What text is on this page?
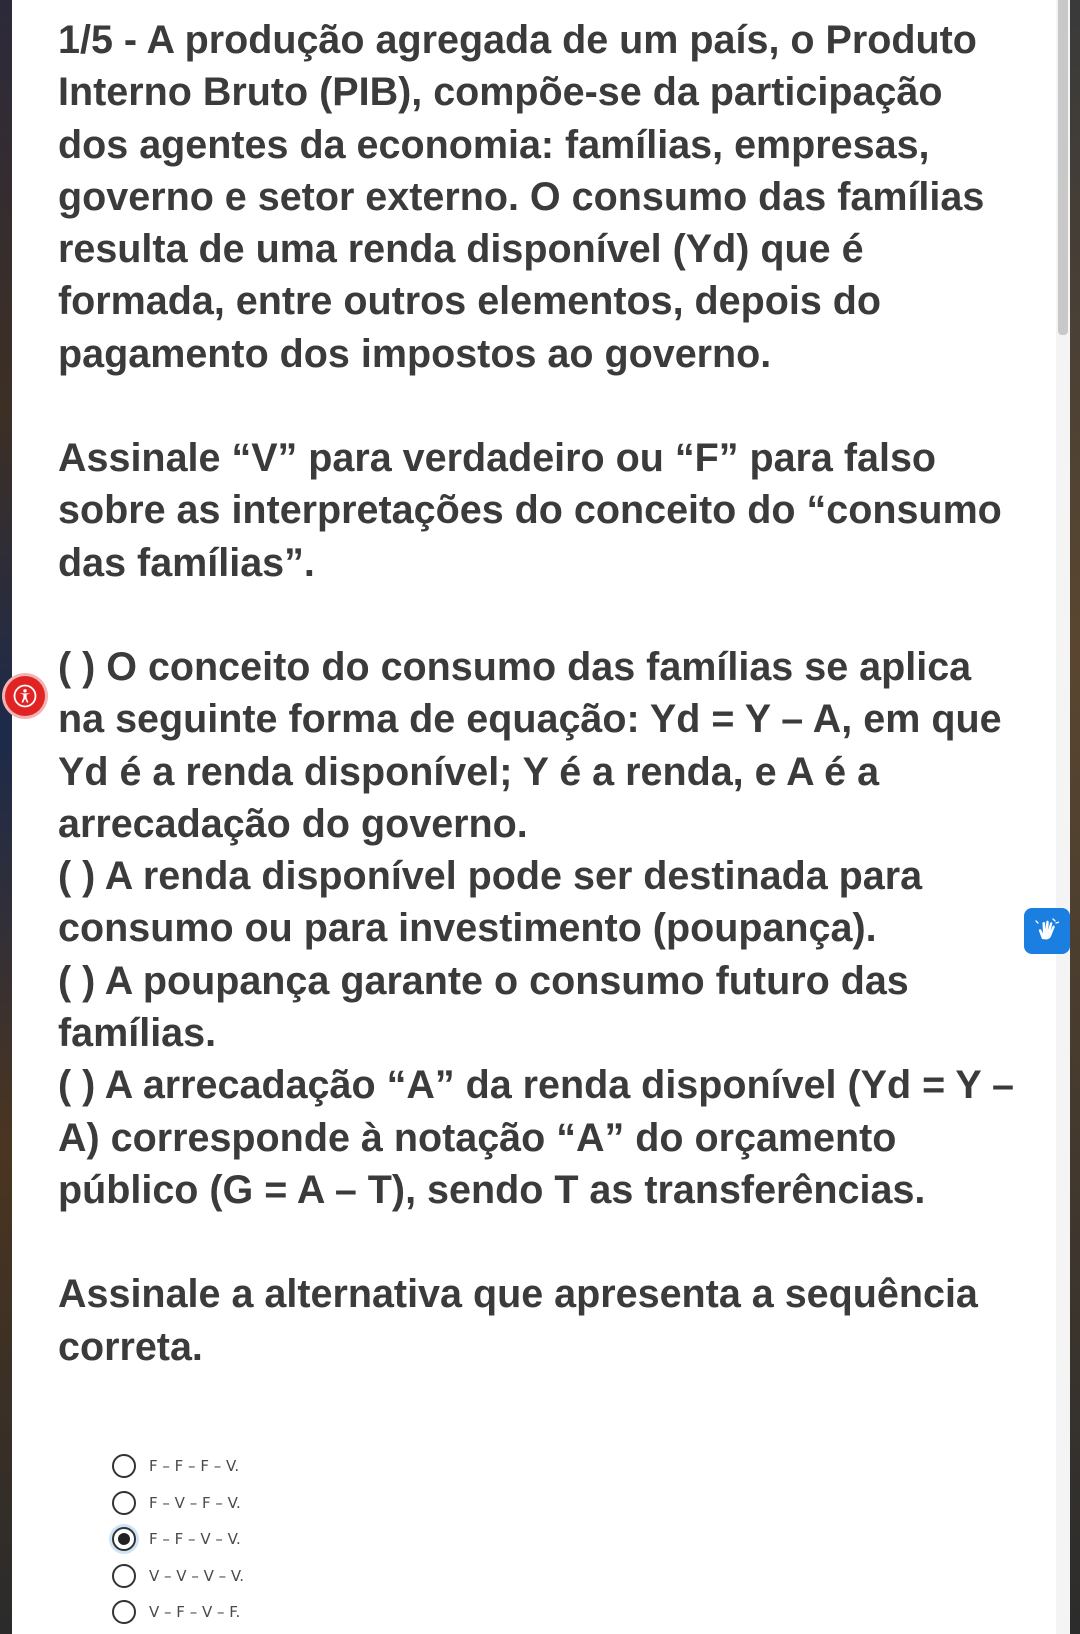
1/5 - A produção agregada de um país, o Produto Interno Bruto (PIB), compõe-se da participação dos agentes da economia: famílias, empresas, governo e setor externo. O consumo das famílias resulta de uma renda disponível (Yd) que é formada, entre outros elementos, depois do pagamento dos impostos ao governo.

Assinale “V” para verdadeiro ou “F” para falso sobre as interpretações do conceito do “consumo das famílias”.

( ) O conceito do consumo das famílias se aplica na seguinte forma de equação: Yd = Y – A, em que Yd é a renda disponível; Y é a renda, e A é a arrecadação do governo.

( ) A renda disponível pode ser destinada para consumo ou para investimento (poupança).

( ) A poupança garante o consumo futuro das famílias.

( ) A arrecadação “A” da renda disponível (Yd = Y – A) corresponde à notação “A” do orçamento público (G = A – T), sendo T as transferências.

Assinale a alternativa que apresenta a sequência correta.

F – F – F – V.
F – V – F – V.
F – F – V – V.
V – V – V – V.
V – F – V – F.
